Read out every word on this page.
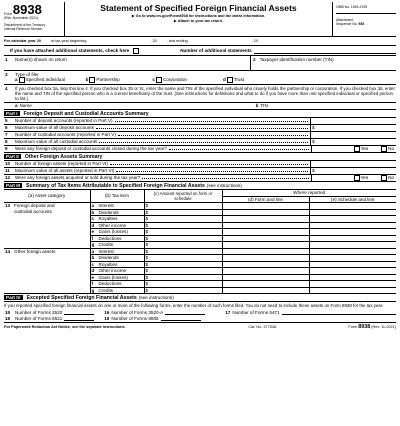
Form 8938
(Rev. November 2021)
Department of the Treasury
Internal Revenue Service
Statement of Specified Foreign Financial Assets
▶ Go to www.irs.gov/Form8938 for instructions and the latest information.
▶ Attach to your tax return.
OMB No. 1545-2195
Attachment
Sequence No. 938
For calendar year 20	or tax year beginning	, 20	, and ending	, 20
If you have attached additional statements, check here	Number of additional statements
1	Name(s) shown on return	2 Taxpayer identification number (TIN)
3	Type of filer
a Specified individual	b Partnership	c Corporation	d Trust
4	If you checked box 3a, skip this line 4. If you checked box 3b or 3c, enter the name and TIN of the specified individual who closely holds the partnership or corporation. If you checked box 3d, enter the name and TIN of the specified person who is a current beneficiary of the trust. (See instructions for definitions and what to do if you have more than one specified individual or specified person to list.)
a Name	b TIN
Part I	Foreign Deposit and Custodial Accounts Summary
5	Number of deposit accounts (reported in Part V)
6	Maximum value of all deposit accounts	$
7	Number of custodial accounts (reported in Part V)
8	Maximum value of all custodial accounts	$
9	Were any foreign deposit or custodial accounts closed during the tax year?	Yes	No
Part II	Other Foreign Assets Summary
10	Number of foreign assets (reported in Part VI)
11	Maximum value of all assets (reported in Part VI)	$
12	Were any foreign assets acquired or sold during the tax year?	Yes	No
Part III	Summary of Tax Items Attributable to Specified Foreign Financial Assets (see instructions)
(a) Asset category	(b) Tax item	(c) Amount reported on form or schedule	Where reported	
			(d) Form and line	(e) Schedule and line
13 Foreign deposit and
custodial accounts	a Interest	$		
	b Dividends	$		
	c Royalties	$		
	d Other income	$		
	e Gains (losses)	$		
	f Deductions	$		
	g Credits	$		
14 Other foreign assets	a Interest	$		
	b Dividends	$		
	c Royalties	$		
	d Other income	$		
	e Gains (losses)	$		
	f Deductions	$		
	g Credits	$		
Part IV	Excepted Specified Foreign Financial Assets (see instructions)
If you reported specified foreign financial assets on one or more of the following forms, enter the number of such forms filed. You do not need to include these assets on Form 8938 for the tax year.
15	Number of Forms 3520	16 Number of Forms 3520-A	17 Number of Forms 5471
18	Number of Forms 8621	19 Number of Forms 8865
For Paperwork Reduction Act Notice, see the separate instructions.	Cat. No. 37753A	Form 8938 (Rev. 11-2021)
